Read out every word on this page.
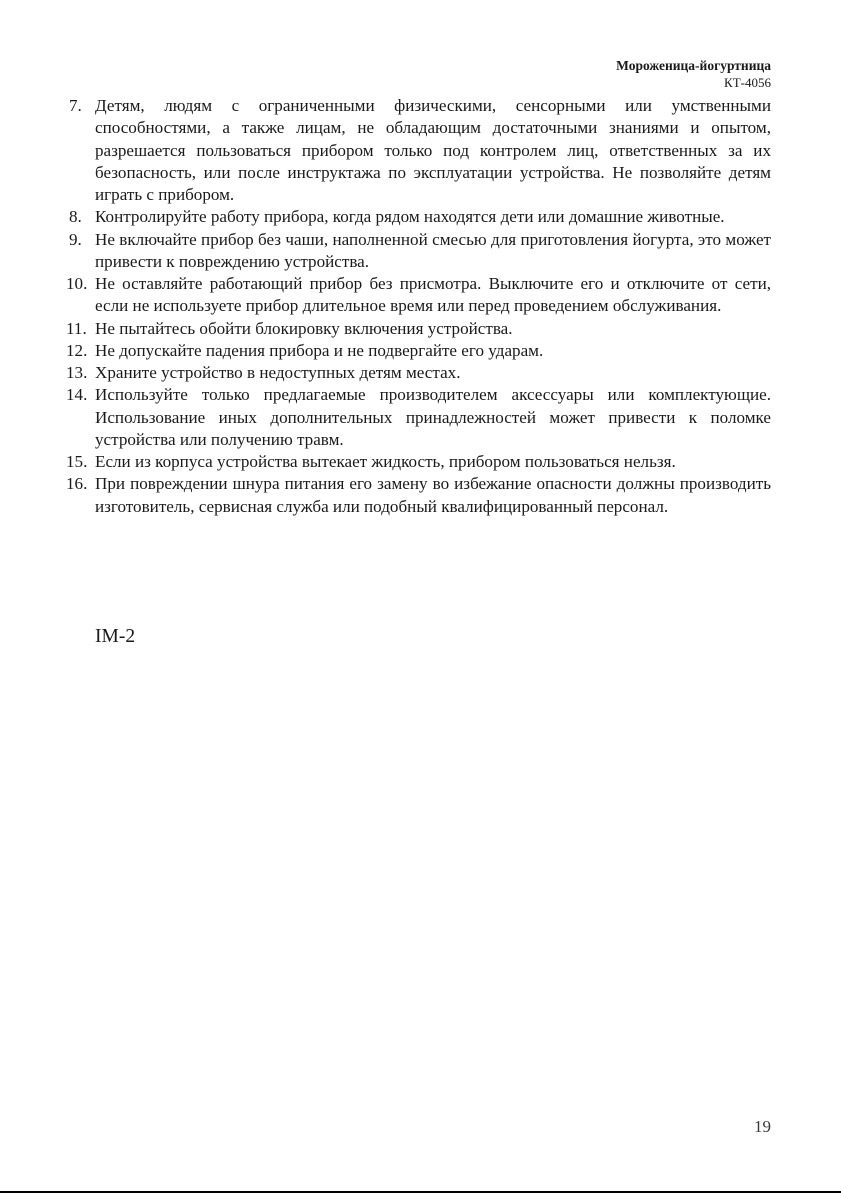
Мороженица-йогуртница
КТ-4056
7. Детям, людям с ограниченными физическими, сенсорными или умственными способностями, а также лицам, не обладающим достаточными знаниями и опытом, разрешается пользоваться прибором только под контролем лиц, ответственных за их безопасность, или после инструктажа по эксплуатации устройства. Не позволяйте детям играть с прибором.
8. Контролируйте работу прибора, когда рядом находятся дети или домашние животные.
9. Не включайте прибор без чаши, наполненной смесью для приготовления йогурта, это может привести к повреждению устройства.
10. Не оставляйте работающий прибор без присмотра. Выключите его и отключите от сети, если не используете прибор длительное время или перед проведением обслуживания.
11. Не пытайтесь обойти блокировку включения устройства.
12. Не допускайте падения прибора и не подвергайте его ударам.
13. Храните устройство в недоступных детям местах.
14. Используйте только предлагаемые производителем аксессуары или комплектующие. Использование иных дополнительных принадлежностей может привести к поломке устройства или получению травм.
15. Если из корпуса устройства вытекает жидкость, прибором пользоваться нельзя.
16. При повреждении шнура питания его замену во избежание опасности должны производить изготовитель, сервисная служба или подобный квалифицированный персонал.
IM-2
19
